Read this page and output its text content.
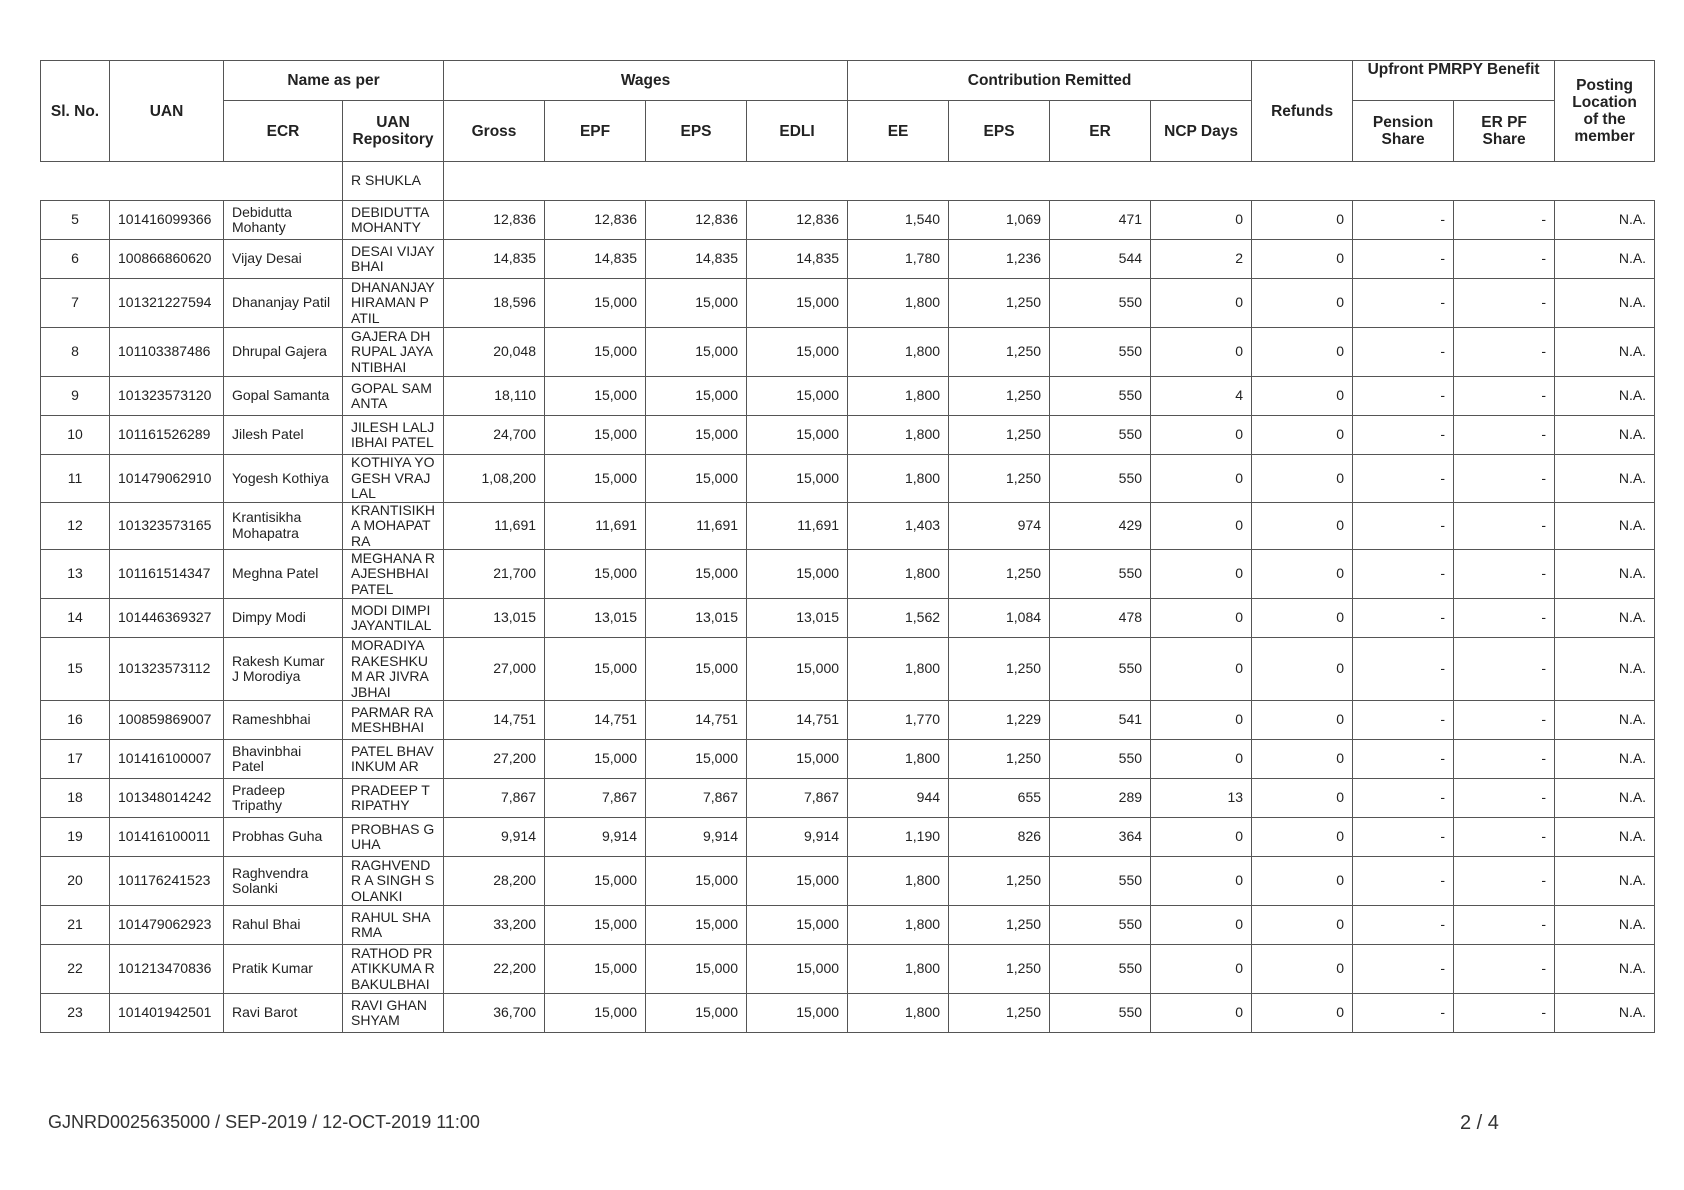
Sl. No.	UAN	Name as per		Wages				Contribution Remitted				Refunds	Upfront PMRPY Benefit		Posting Location of the member
		ECR	UAN Repository	Gross	EPF	EPS	EDLI	EE	EPS	ER	NCP Days		Pension Share	ER PF Share	
			R SHUKLA												
5	101416099366	Debidutta Mohanty	DEBIDUTTA MOHANTY	12,836	12,836	12,836	12,836	1,540	1,069	471	0	0	-	-	N.A.
6	100866860620	Vijay Desai	DESAI VIJAYBHAI	14,835	14,835	14,835	14,835	1,780	1,236	544	2	0	-	-	N.A.
7	101321227594	Dhananjay Patil	DHANANJAY HIRAMAN PATIL	18,596	15,000	15,000	15,000	1,800	1,250	550	0	0	-	-	N.A.
8	101103387486	Dhrupal Gajera	GAJERA DHRUPAL JAYANTIBHAI	20,048	15,000	15,000	15,000	1,800	1,250	550	0	0	-	-	N.A.
9	101323573120	Gopal Samanta	GOPAL SAMANTA	18,110	15,000	15,000	15,000	1,800	1,250	550	4	0	-	-	N.A.
10	101161526289	Jilesh Patel	JILESH LALJIBHAI PATEL	24,700	15,000	15,000	15,000	1,800	1,250	550	0	0	-	-	N.A.
11	101479062910	Yogesh Kothiya	KOTHIYA YOGESH VRAJLAL	1,08,200	15,000	15,000	15,000	1,800	1,250	550	0	0	-	-	N.A.
12	101323573165	Krantisikha Mohapatra	KRANTISIKHA MOHAPATRA	11,691	11,691	11,691	11,691	1,403	974	429	0	0	-	-	N.A.
13	101161514347	Meghna Patel	MEGHANA RAJESHBHAI PATEL	21,700	15,000	15,000	15,000	1,800	1,250	550	0	0	-	-	N.A.
14	101446369327	Dimpy Modi	MODI DIMPI JAYANTILAL	13,015	13,015	13,015	13,015	1,562	1,084	478	0	0	-	-	N.A.
15	101323573112	Rakesh Kumar J Morodiya	MORADIYA RAKESHKUM AR JIVRAJBHAI	27,000	15,000	15,000	15,000	1,800	1,250	550	0	0	-	-	N.A.
16	100859869007	Rameshbhai	PARMAR RAMESHBHAI	14,751	14,751	14,751	14,751	1,770	1,229	541	0	0	-	-	N.A.
17	101416100007	Bhavinbhai Patel	PATEL BHAVINKUM AR	27,200	15,000	15,000	15,000	1,800	1,250	550	0	0	-	-	N.A.
18	101348014242	Pradeep Tripathy	PRADEEP TRIPATHY	7,867	7,867	7,867	7,867	944	655	289	13	0	-	-	N.A.
19	101416100011	Probhas Guha	PROBHAS GUHA	9,914	9,914	9,914	9,914	1,190	826	364	0	0	-	-	N.A.
20	101176241523	Raghvendra Solanki	RAGHVENDR A SINGH SOLANKI	28,200	15,000	15,000	15,000	1,800	1,250	550	0	0	-	-	N.A.
21	101479062923	Rahul Bhai	RAHUL SHARMA	33,200	15,000	15,000	15,000	1,800	1,250	550	0	0	-	-	N.A.
22	101213470836	Pratik Kumar	RATHOD PRATIKKUMA R BAKULBHAI	22,200	15,000	15,000	15,000	1,800	1,250	550	0	0	-	-	N.A.
23	101401942501	Ravi Barot	RAVI GHANSHYAM	36,700	15,000	15,000	15,000	1,800	1,250	550	0	0	-	-	N.A.
GJNRD0025635000 / SEP-2019 / 12-OCT-2019 11:00	2 / 4
